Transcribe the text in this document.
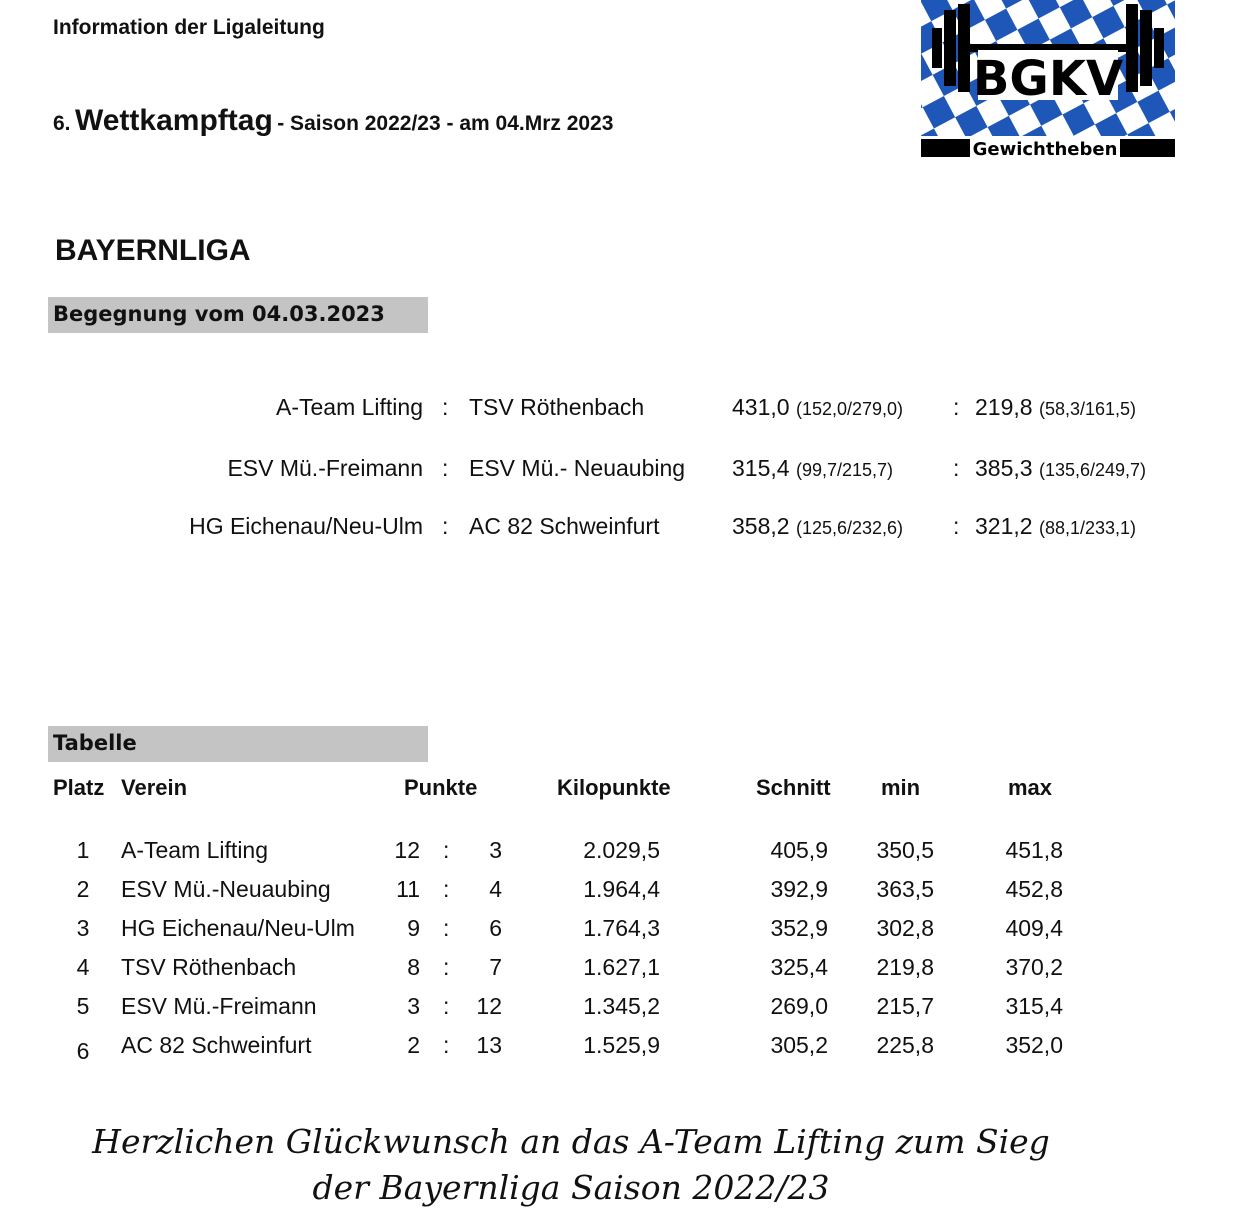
Information der Ligaleitung
6. Wettkampftag - Saison 2022/23 - am 04.Mrz 2023
BGKV
Gewichtheben
BAYERNLIGA
Begegnung vom 04.03.2023
A-Team Lifting : TSV Röthenbach	431,0 (152,0/279,0) : 219,8 (58,3/161,5)
ESV Mü.-Freimann : ESV Mü.- Neuaubing 315,4 (99,7/215,7)	: 385,3 (135,6/249,7)
HG Eichenau/Neu-Ulm : AC 82 Schweinfurt	358,2 (125,6/232,6) : 321,2 (88,1/233,1)
Tabelle
Platz Verein	Punkte	Kilopunkte	Schnitt min	max
1	A-Team Lifting	12 :	3	2.029,5	405,9	350,5	451,8
2	ESV Mü.-Neuaubing	11 :	4	1.964,4	392,9	363,5	452,8
3	HG Eichenau/Neu-Ulm	9 :	6	1.764,3	352,9	302,8	409,4
4	TSV Röthenbach	8 :	7	1.627,1	325,4	219,8	370,2
5	ESV Mü.-Freimann	3 :	12	1.345,2	269,0	215,7	315,4
6	AC 82 Schweinfurt	2 :	13	1.525,9	305,2	225,8	352,0
Herzlichen Glückwunsch an das A-Team Lifting zum Sieg
der Bayernliga Saison 2022/23
